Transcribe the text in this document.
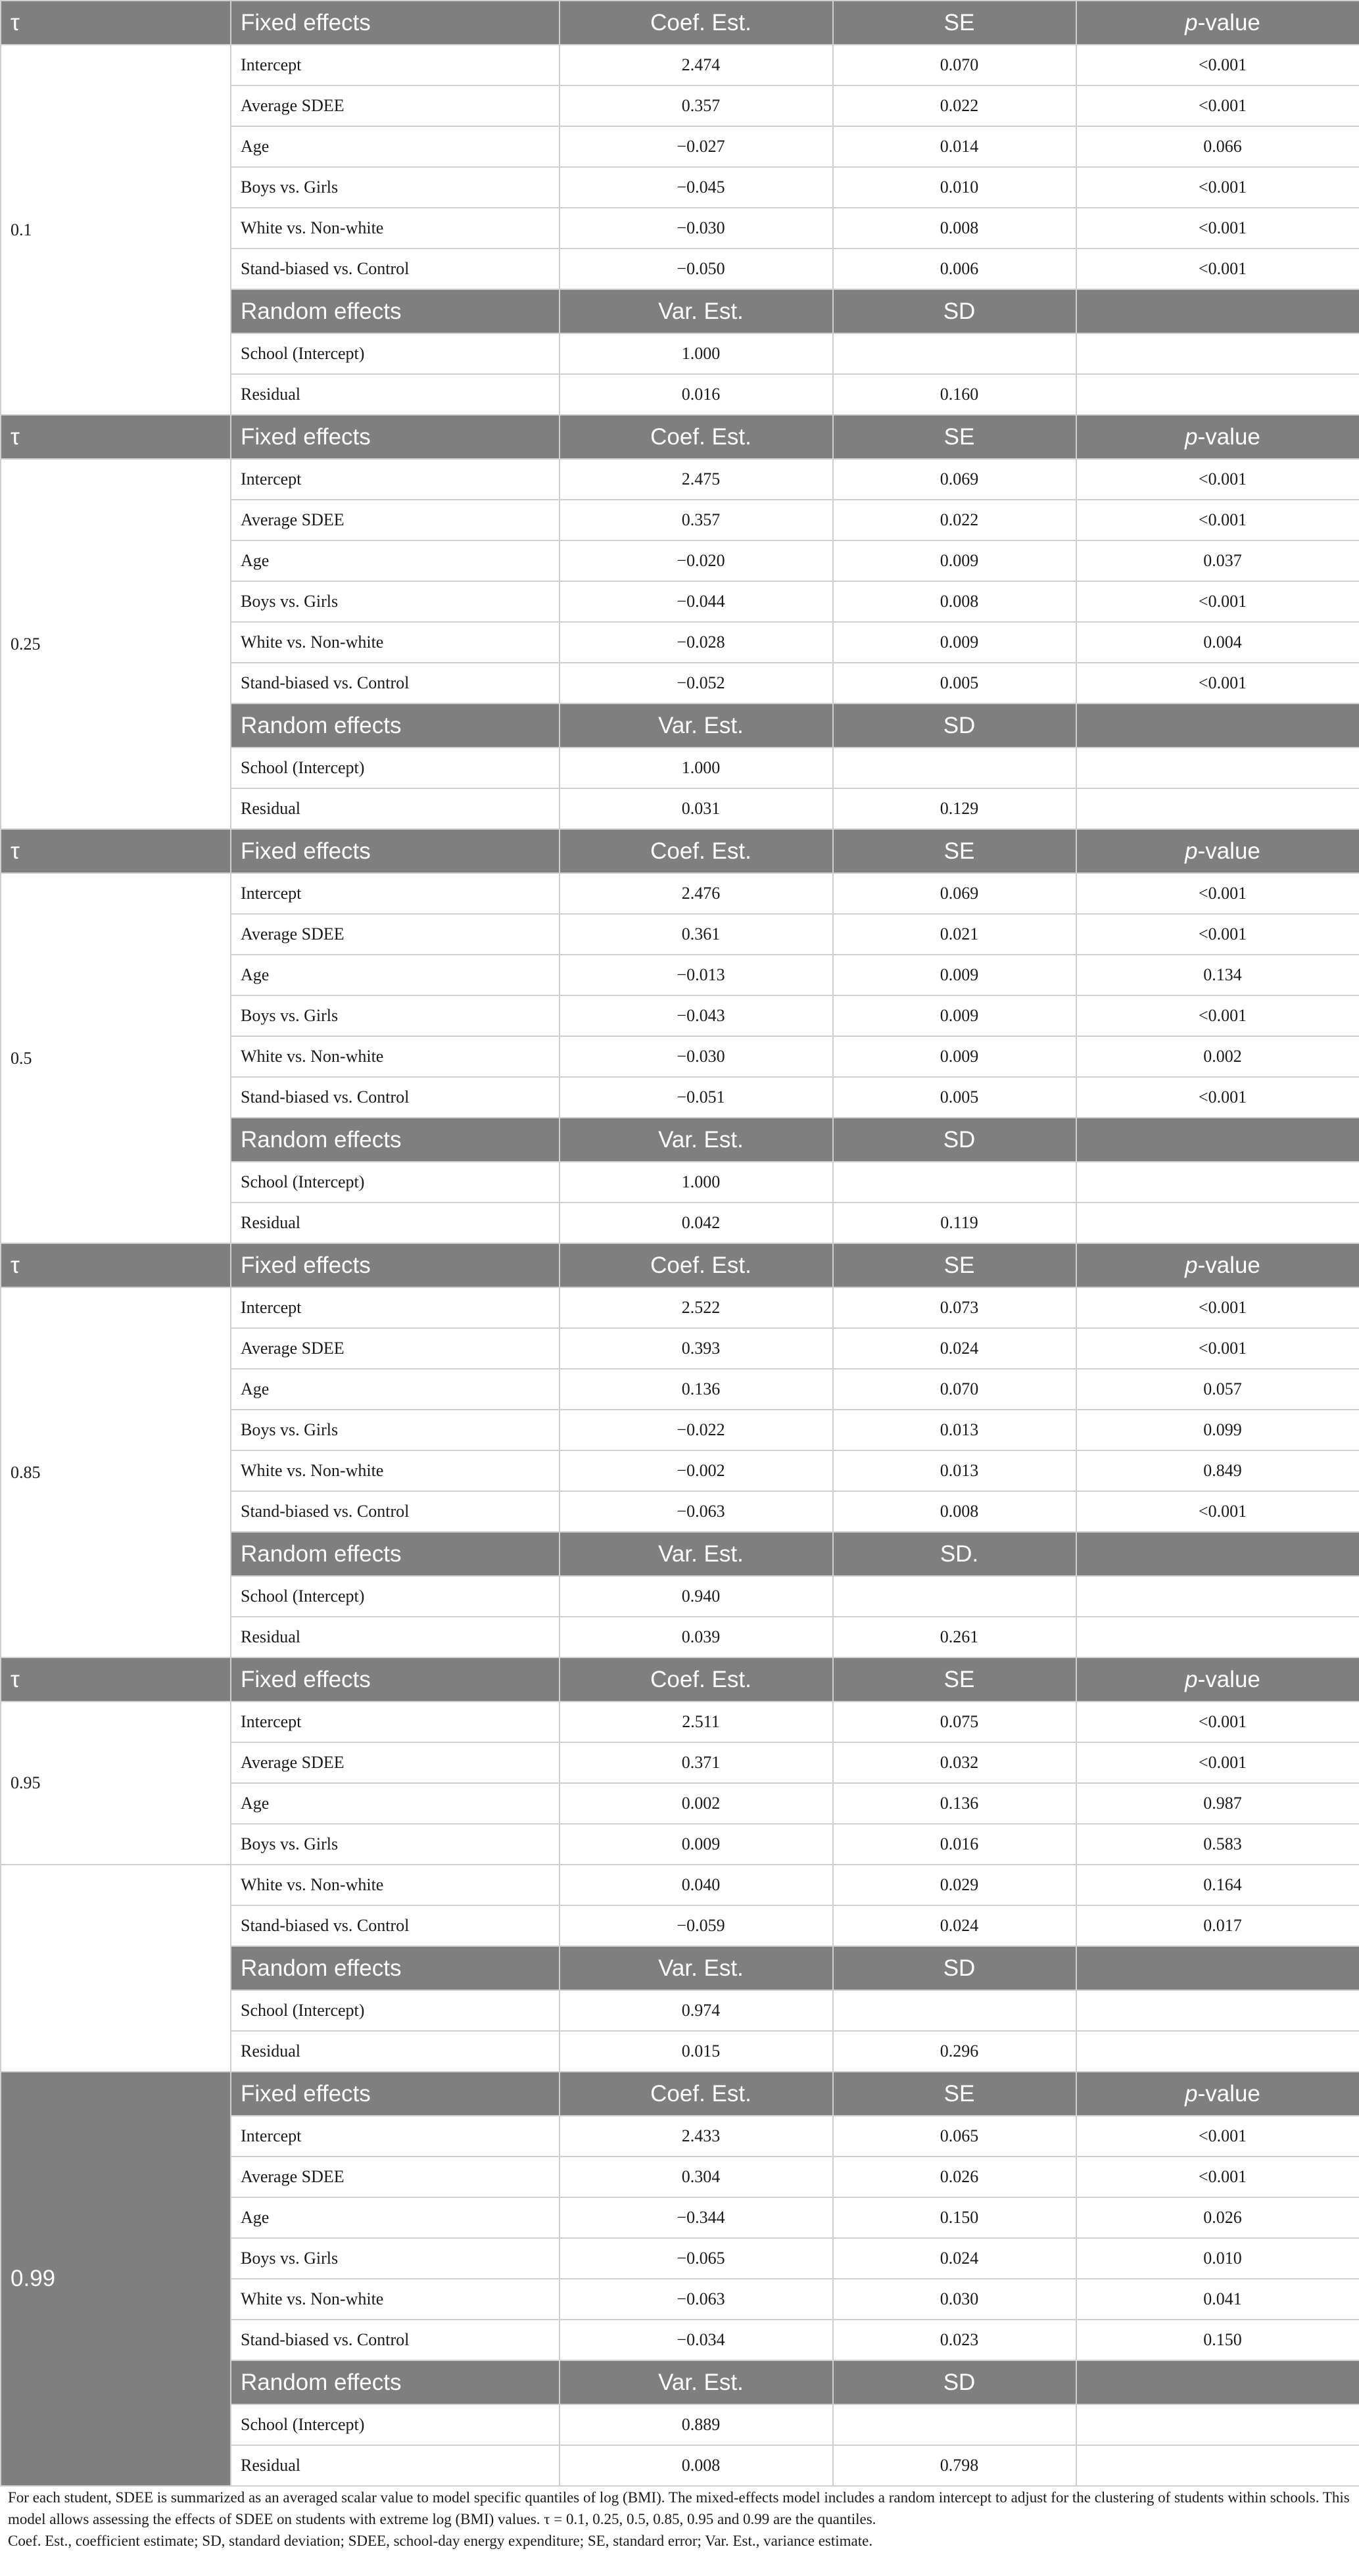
τ	Fixed effects	Coef. Est.	SE	p-value
0.1	Intercept	2.474	0.070	<0.001
	Average SDEE	0.357	0.022	<0.001
	Age	−0.027	0.014	0.066
	Boys vs. Girls	−0.045	0.010	<0.001
	White vs. Non-white	−0.030	0.008	<0.001
	Stand-biased vs. Control	−0.050	0.006	<0.001
	Random effects	Var. Est.	SD	
	School (Intercept)	1.000		
	Residual	0.016	0.160	
τ	Fixed effects	Coef. Est.	SE	p-value
0.25	Intercept	2.475	0.069	<0.001
	Average SDEE	0.357	0.022	<0.001
	Age	−0.020	0.009	0.037
	Boys vs. Girls	−0.044	0.008	<0.001
	White vs. Non-white	−0.028	0.009	0.004
	Stand-biased vs. Control	−0.052	0.005	<0.001
	Random effects	Var. Est.	SD	
	School (Intercept)	1.000		
	Residual	0.031	0.129	
τ	Fixed effects	Coef. Est.	SE	p-value
0.5	Intercept	2.476	0.069	<0.001
	Average SDEE	0.361	0.021	<0.001
	Age	−0.013	0.009	0.134
	Boys vs. Girls	−0.043	0.009	<0.001
	White vs. Non-white	−0.030	0.009	0.002
	Stand-biased vs. Control	−0.051	0.005	<0.001
	Random effects	Var. Est.	SD	
	School (Intercept)	1.000		
	Residual	0.042	0.119	
τ	Fixed effects	Coef. Est.	SE	p-value
0.85	Intercept	2.522	0.073	<0.001
	Average SDEE	0.393	0.024	<0.001
	Age	0.136	0.070	0.057
	Boys vs. Girls	−0.022	0.013	0.099
	White vs. Non-white	−0.002	0.013	0.849
	Stand-biased vs. Control	−0.063	0.008	<0.001
	Random effects	Var. Est.	SD.	
	School (Intercept)	0.940		
	Residual	0.039	0.261	
τ	Fixed effects	Coef. Est.	SE	p-value
0.95	Intercept	2.511	0.075	<0.001
	Average SDEE	0.371	0.032	<0.001
	Age	0.002	0.136	0.987
	Boys vs. Girls	0.009	0.016	0.583
	White vs. Non-white	0.040	0.029	0.164
	Stand-biased vs. Control	−0.059	0.024	0.017
	Random effects	Var. Est.	SD	
	School (Intercept)	0.974		
	Residual	0.015	0.296	
0.99	Fixed effects	Coef. Est.	SE	p-value
	Intercept	2.433	0.065	<0.001
	Average SDEE	0.304	0.026	<0.001
	Age	−0.344	0.150	0.026
	Boys vs. Girls	−0.065	0.024	0.010
	White vs. Non-white	−0.063	0.030	0.041
	Stand-biased vs. Control	−0.034	0.023	0.150
	Random effects	Var. Est.	SD	
	School (Intercept)	0.889		
	Residual	0.008	0.798	

For each student, SDEE is summarized as an averaged scalar value to model specific quantiles of log (BMI). The mixed-effects model includes a random intercept to adjust for the clustering of students within schools. This model allows assessing the effects of SDEE on students with extreme log (BMI) values. τ = 0.1, 0.25, 0.5, 0.85, 0.95 and 0.99 are the quantiles.

Coef. Est., coefficient estimate; SD, standard deviation; SDEE, school-day energy expenditure; SE, standard error; Var. Est., variance estimate.
